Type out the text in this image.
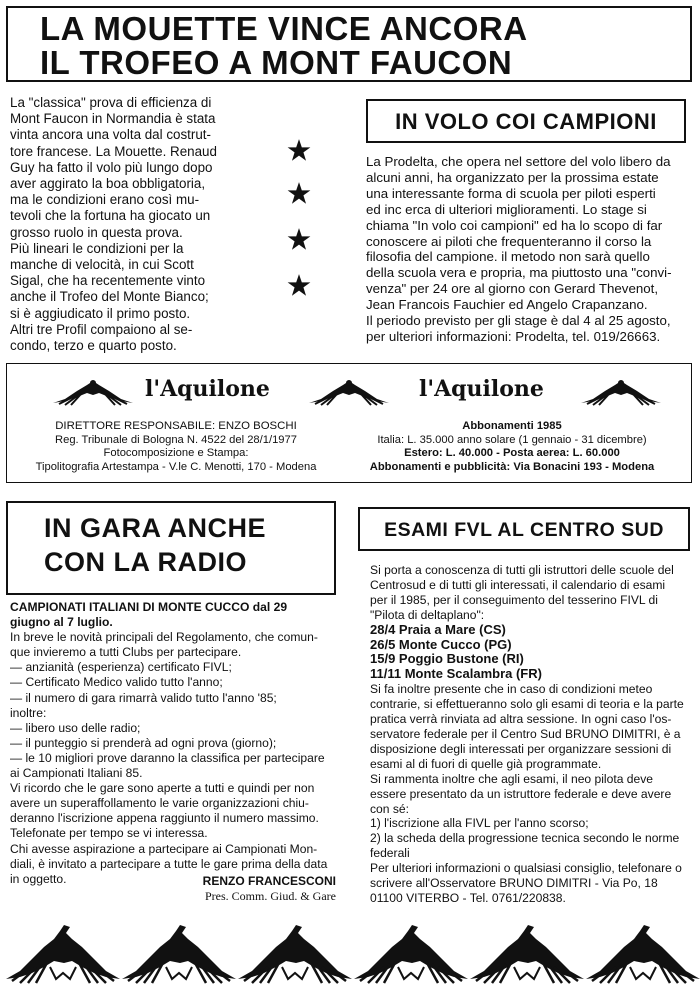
LA MOUETTE VINCE ANCORA
IL TROFEO A MONT FAUCON

La "classica" prova di efficienza di

Mont Faucon in Normandia è stata

vinta ancora una volta dal costrut-

tore francese. La Mouette. Renaud

Guy ha fatto il volo più lungo dopo

aver aggirato la boa obbligatoria,

ma le condizioni erano così mu-

tevoli che la fortuna ha giocato un

grosso ruolo in questa prova.

Più lineari le condizioni per la

manche di velocità, in cui Scott

Sigal, che ha recentemente vinto

anche il Trofeo del Monte Bianco;

si è aggiudicato il primo posto.

Altri tre Profil compaiono al se-

condo, terzo e quarto posto.

IN VOLO COI CAMPIONI

La Prodelta, che opera nel settore del volo libero da

alcuni anni, ha organizzato per la prossima estate

una interessante forma di scuola per piloti esperti

ed inc erca di ulteriori miglioramenti. Lo stage si

chiama "In volo coi campioni" ed ha lo scopo di far

conoscere ai piloti che frequenteranno il corso la

filosofia del campione. il metodo non sarà quello

della scuola vera e propria, ma piuttosto una "convi-

venza" per 24 ore al giorno con Gerard Thevenot,

Jean Francois Fauchier ed Angelo Crapanzano.

Il periodo previsto per gli stage è dal 4 al 25 agosto,

per ulteriori informazioni: Prodelta, tel. 019/26663.

l'Aquilone	l'Aquilone
DIRETTORE RESPONSABILE: ENZO BOSCHI
Reg. Tribunale di Bologna N. 4522 del 28/1/1977
Fotocomposizione e Stampa:
Tipolitografia Artestampa - V.le C. Menotti, 170 - Modena
Abbonamenti 1985
Italia: L. 35.000 anno solare (1 gennaio - 31 dicembre)
Estero: L. 40.000 - Posta aerea: L. 60.000
Abbonamenti e pubblicità: Via Bonacini 193 - Modena
IN GARA ANCHE
CON LA RADIO

CAMPIONATI ITALIANI DI MONTE CUCCO dal 29

giugno al 7 luglio.

In breve le novità principali del Regolamento, che comun-

que invieremo a tutti Clubs per partecipare.

— anzianità (esperienza) certificato FIVL;

— Certificato Medico valido tutto l'anno;

— il numero di gara rimarrà valido tutto l'anno '85;

inoltre:

— libero uso delle radio;

— il punteggio si prenderà ad ogni prova (giorno);

— le 10 migliori prove daranno la classifica per partecipare

ai Campionati Italiani 85.

Vi ricordo che le gare sono aperte a tutti e quindi per non

avere un superaffollamento le varie organizzazioni chiu-

deranno l'iscrizione appena raggiunto il numero massimo.

Telefonate per tempo se vi interessa.

Chi avesse aspirazione a partecipare ai Campionati Mon-

diali, è invitato a partecipare a tutte le gare prima della data

in oggetto.	RENZO FRANCESCONI
Pres. Comm. Giud. & Gare
ESAMI FVL AL CENTRO SUD

Si porta a conoscenza di tutti gli istruttori delle scuole del

Centrosud e di tutti gli interessati, il calendario di esami

per il 1985, per il conseguimento del tesserino FIVL di

"Pilota di deltaplano":

28/4 Praia a Mare (CS)

26/5 Monte Cucco (PG)

15/9 Poggio Bustone (RI)

11/11 Monte Scalambra (FR)

Si fa inoltre presente che in caso di condizioni meteo

contrarie, si effettueranno solo gli esami di teoria e la parte

pratica verrà rinviata ad altra sessione. In ogni caso l'os-

servatore federale per il Centro Sud BRUNO DIMITRI, è a

disposizione degli interessati per organizzare sessioni di

esami al di fuori di quelle già programmate.

Si rammenta inoltre che agli esami, il neo pilota deve

essere presentato da un istruttore federale e deve avere

con sé:

1) l'iscrizione alla FIVL per l'anno scorso;

2) la scheda della progressione tecnica secondo le norme

federali

Per ulteriori informazioni o qualsiasi consiglio, telefonare o

scrivere all'Osservatore BRUNO DIMITRI - Via Po, 18

01100 VITERBO - Tel. 0761/220838.
